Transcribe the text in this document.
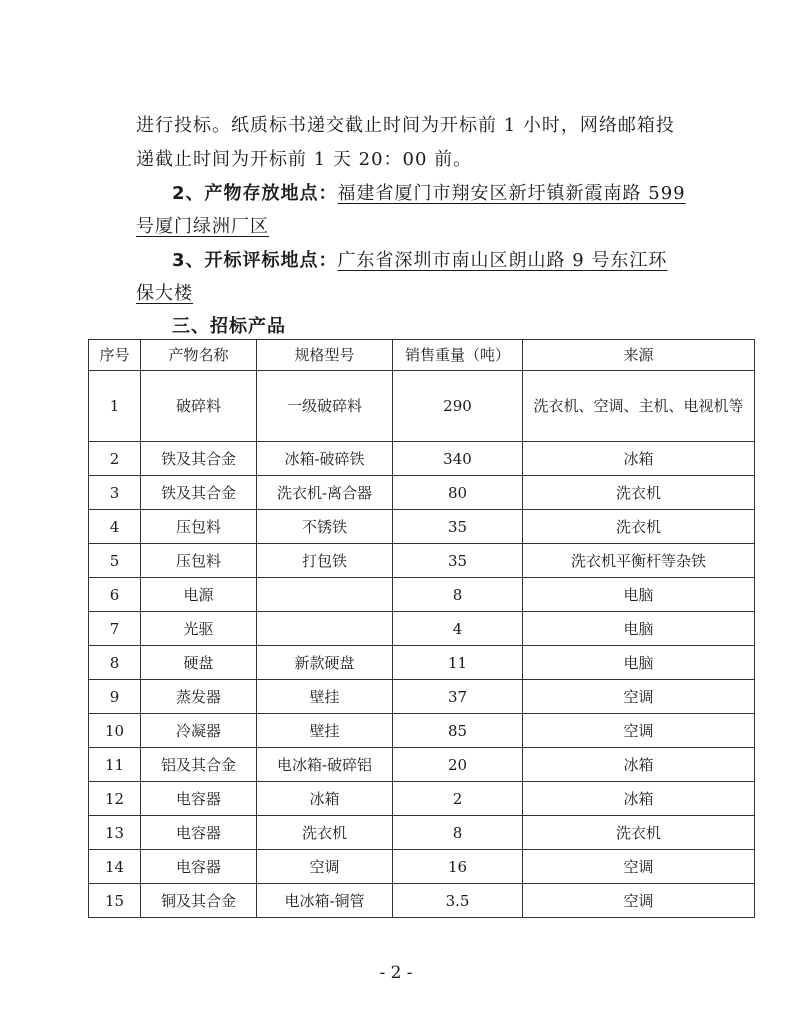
进行投标。纸质标书递交截止时间为开标前 1 小时，网络邮箱投
递截止时间为开标前 1 天 20：00 前。
2、产物存放地点：福建省厦门市翔安区新圩镇新霞南路 599
号厦门绿洲厂区
3、开标评标地点：广东省深圳市南山区朗山路 9 号东江环
保大楼
三、招标产品
序号	产物名称	规格型号	销售重量（吨）	来源
1	破碎料	一级破碎料	290	洗衣机、空调、主机、电视机等
2	铁及其合金	冰箱-破碎铁	340	冰箱
3	铁及其合金	洗衣机-离合器	80	洗衣机
4	压包料	不锈铁	35	洗衣机
5	压包料	打包铁	35	洗衣机平衡杆等杂铁
6	电源		8	电脑
7	光驱		4	电脑
8	硬盘	新款硬盘	11	电脑
9	蒸发器	壁挂	37	空调
10	冷凝器	壁挂	85	空调
11	铝及其合金	电冰箱-破碎铝	20	冰箱
12	电容器	冰箱	2	冰箱
13	电容器	洗衣机	8	洗衣机
14	电容器	空调	16	空调
15	铜及其合金	电冰箱-铜管	3.5	空调
- 2 -
